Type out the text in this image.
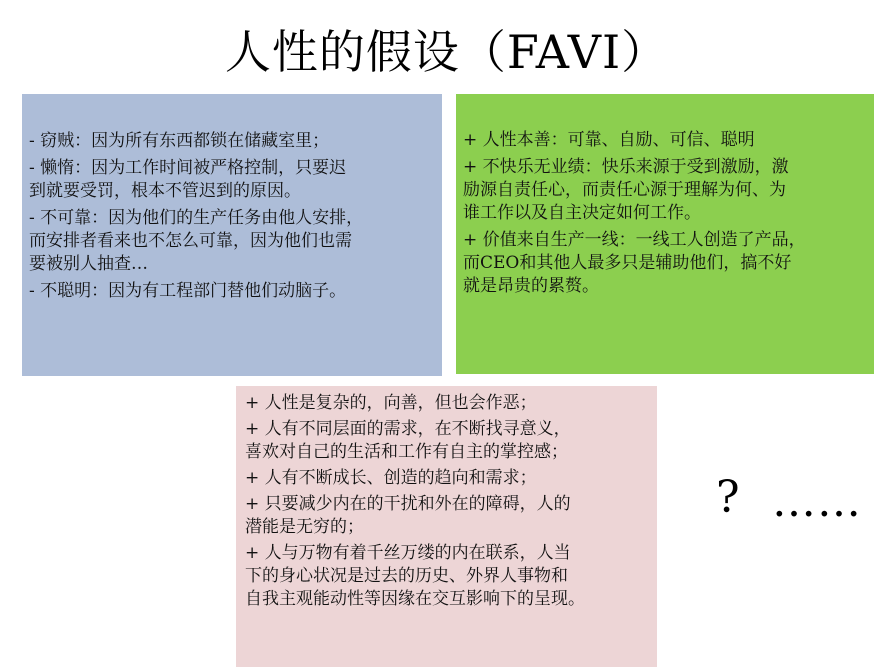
人性的假设（FAVI）
- 窃贼：因为所有东西都锁在储藏室里；
- 懒惰：因为工作时间被严格控制，只要迟
到就要受罚，根本不管迟到的原因。
- 不可靠：因为他们的生产任务由他人安排，
而安排者看来也不怎么可靠，因为他们也需
要被别人抽查…
- 不聪明：因为有工程部门替他们动脑子。
+ 人性本善：可靠、自励、可信、聪明
+ 不快乐无业绩：快乐来源于受到激励，激
励源自责任心，而责任心源于理解为何、为
谁工作以及自主决定如何工作。
+ 价值来自生产一线：一线工人创造了产品，
而CEO和其他人最多只是辅助他们，搞不好
就是昂贵的累赘。
+ 人性是复杂的，向善，但也会作恶；
+ 人有不同层面的需求，在不断找寻意义，
喜欢对自己的生活和工作有自主的掌控感；
+ 人有不断成长、创造的趋向和需求；
+ 只要减少内在的干扰和外在的障碍，人的
潜能是无穷的；
+ 人与万物有着千丝万缕的内在联系，人当
下的身心状况是过去的历史、外界人事物和
自我主观能动性等因缘在交互影响下的呈现。
? ……
